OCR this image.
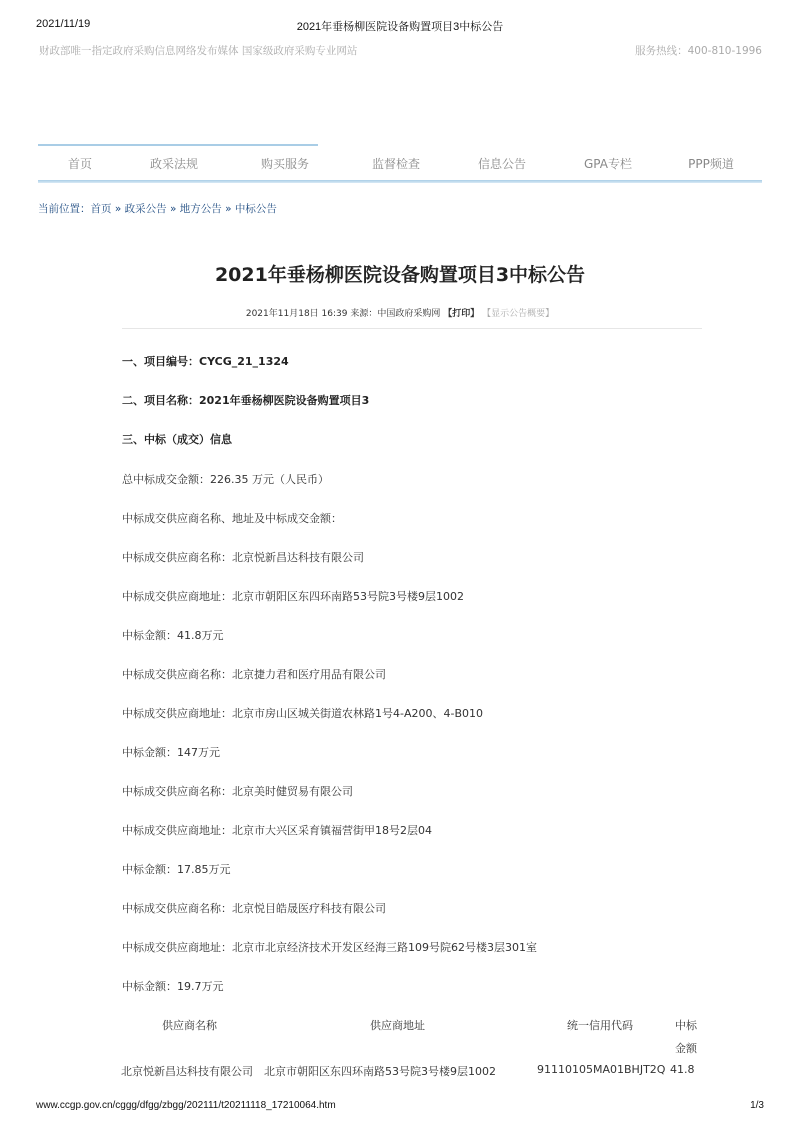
2021/11/19	2021年垂杨柳医院设备购置项目3中标公告
财政部唯一指定政府采购信息网络发布媒体 国家级政府采购专业网站	服务热线：400-810-1996
首页	政采法规	购买服务	监督检查	信息公告	GPA专栏	PPP频道
当前位置：首页 » 政采公告 » 地方公告 » 中标公告
2021年垂杨柳医院设备购置项目3中标公告
2021年11月18日 16:39 来源：中国政府采购网 【打印】 【显示公告概要】
一、项目编号：CYCG_21_1324
二、项目名称：2021年垂杨柳医院设备购置项目3
三、中标（成交）信息
总中标成交金额：226.35 万元（人民币）
中标成交供应商名称、地址及中标成交金额：
中标成交供应商名称：北京悦新昌达科技有限公司
中标成交供应商地址：北京市朝阳区东四环南路53号院3号楼9层1002
中标金额：41.8万元
中标成交供应商名称：北京捷力君和医疗用品有限公司
中标成交供应商地址：北京市房山区城关街道农林路1号4-A200、4-B010
中标金额：147万元
中标成交供应商名称：北京美时健贸易有限公司
中标成交供应商地址：北京市大兴区采育镇福营街甲18号2层04
中标金额：17.85万元
中标成交供应商名称：北京悦目皓晟医疗科技有限公司
中标成交供应商地址：北京市北京经济技术开发区经海三路109号院62号楼3层301室
中标金额：19.7万元
供应商名称	供应商地址	统一信用代码	中标
金额
北京悦新昌达科技有限公司 北京市朝阳区东四环南路53号院3号楼9层1002	91110105MA01BHJT2Q 41.8
www.ccgp.gov.cn/cggg/dfgg/zbgg/202111/t20211118_17210064.htm	1/3
